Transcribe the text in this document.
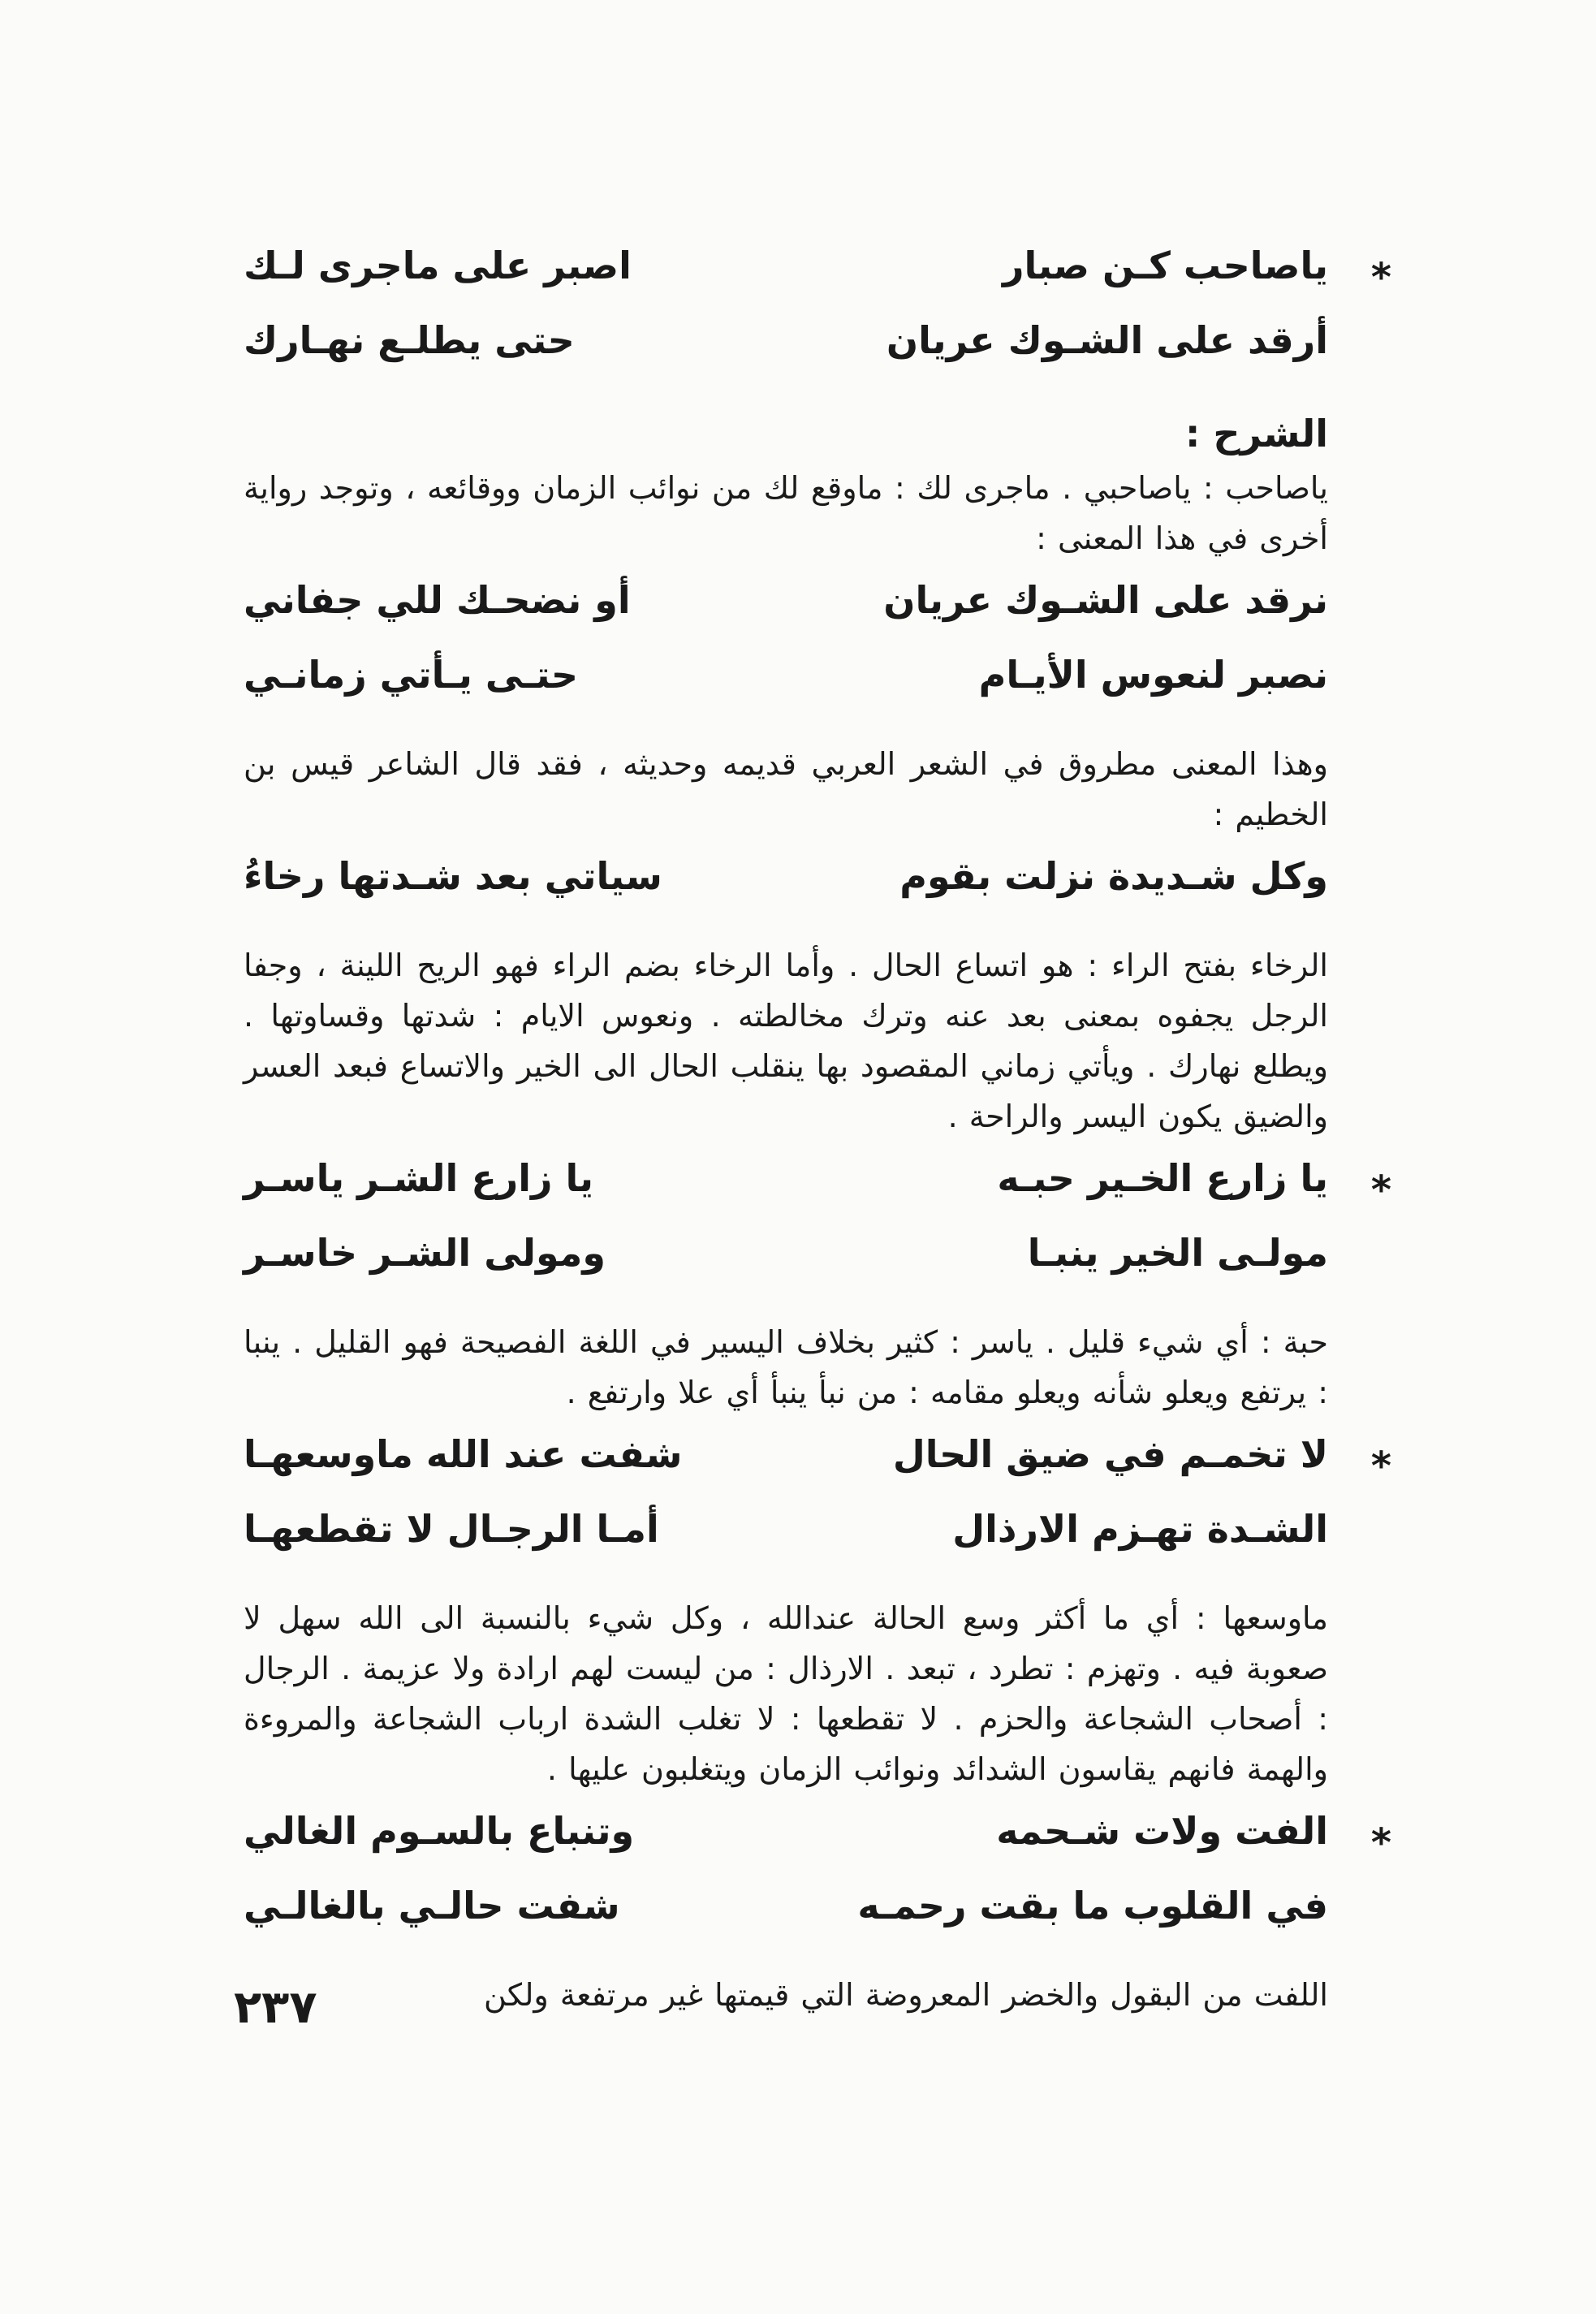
*
ياصاحب كـن صبار
اصبر على ماجرى لـك
أرقد على الشـوك عريان
حتى يطلـع نهـارك
الشرح :
ياصاحب : ياصاحبي . ماجرى لك : ماوقع لك من نوائب الزمان ووقائعه ، وتوجد رواية أخرى في هذا المعنى :
نرقد على الشـوك عريان
أو نضحـك للي جفاني
نصبر لنعوس الأيـام
حتـى يـأتي زمانـي
وهذا المعنى مطروق في الشعر العربي قديمه وحديثه ، فقد قال الشاعر قيس بن الخطيم :
وكل شـديدة نزلت بقوم
سياتي بعد شـدتها رخاءُ
الرخاء بفتح الراء : هو اتساع الحال . وأما الرخاء بضم الراء فهو الريح اللينة ، وجفا الرجل يجفوه بمعنى بعد عنه وترك مخالطته . ونعوس الايام : شدتها وقساوتها . ويطلع نهارك . ويأتي زماني المقصود بها ينقلب الحال الى الخير والاتساع فبعد العسر والضيق يكون اليسر والراحة .
*
يا زارع الخـير حبـه
يا زارع الشـر ياسـر
مولـى الخير ينبـا
ومولى الشـر خاسـر
حبة : أي شيء قليل . ياسر : كثير بخلاف اليسير في اللغة الفصيحة فهو القليل . ينبا : يرتفع ويعلو شأنه ويعلو مقامه : من نبأ ينبأ أي علا وارتفع .
*
لا تخمـم في ضيق الحال
شفت عند الله ماوسعهـا
الشـدة تهـزم الارذال
أمـا الرجـال لا تقطعهـا
ماوسعها : أي ما أكثر وسع الحالة عندالله ، وكل شيء بالنسبة الى الله سهل لا صعوبة فيه . وتهزم : تطرد ، تبعد . الارذال : من ليست لهم ارادة ولا عزيمة . الرجال : أصحاب الشجاعة والحزم . لا تقطعها : لا تغلب الشدة ارباب الشجاعة والمروءة والهمة فانهم يقاسون الشدائد ونوائب الزمان ويتغلبون عليها .
*
الفت ولات شـحمه
وتنباع بالسـوم الغالي
في القلوب ما بقت رحمـه
شفت حالـي بالغالـي
اللفت من البقول والخضر المعروضة التي قيمتها غير مرتفعة ولكن
٢٣٧
